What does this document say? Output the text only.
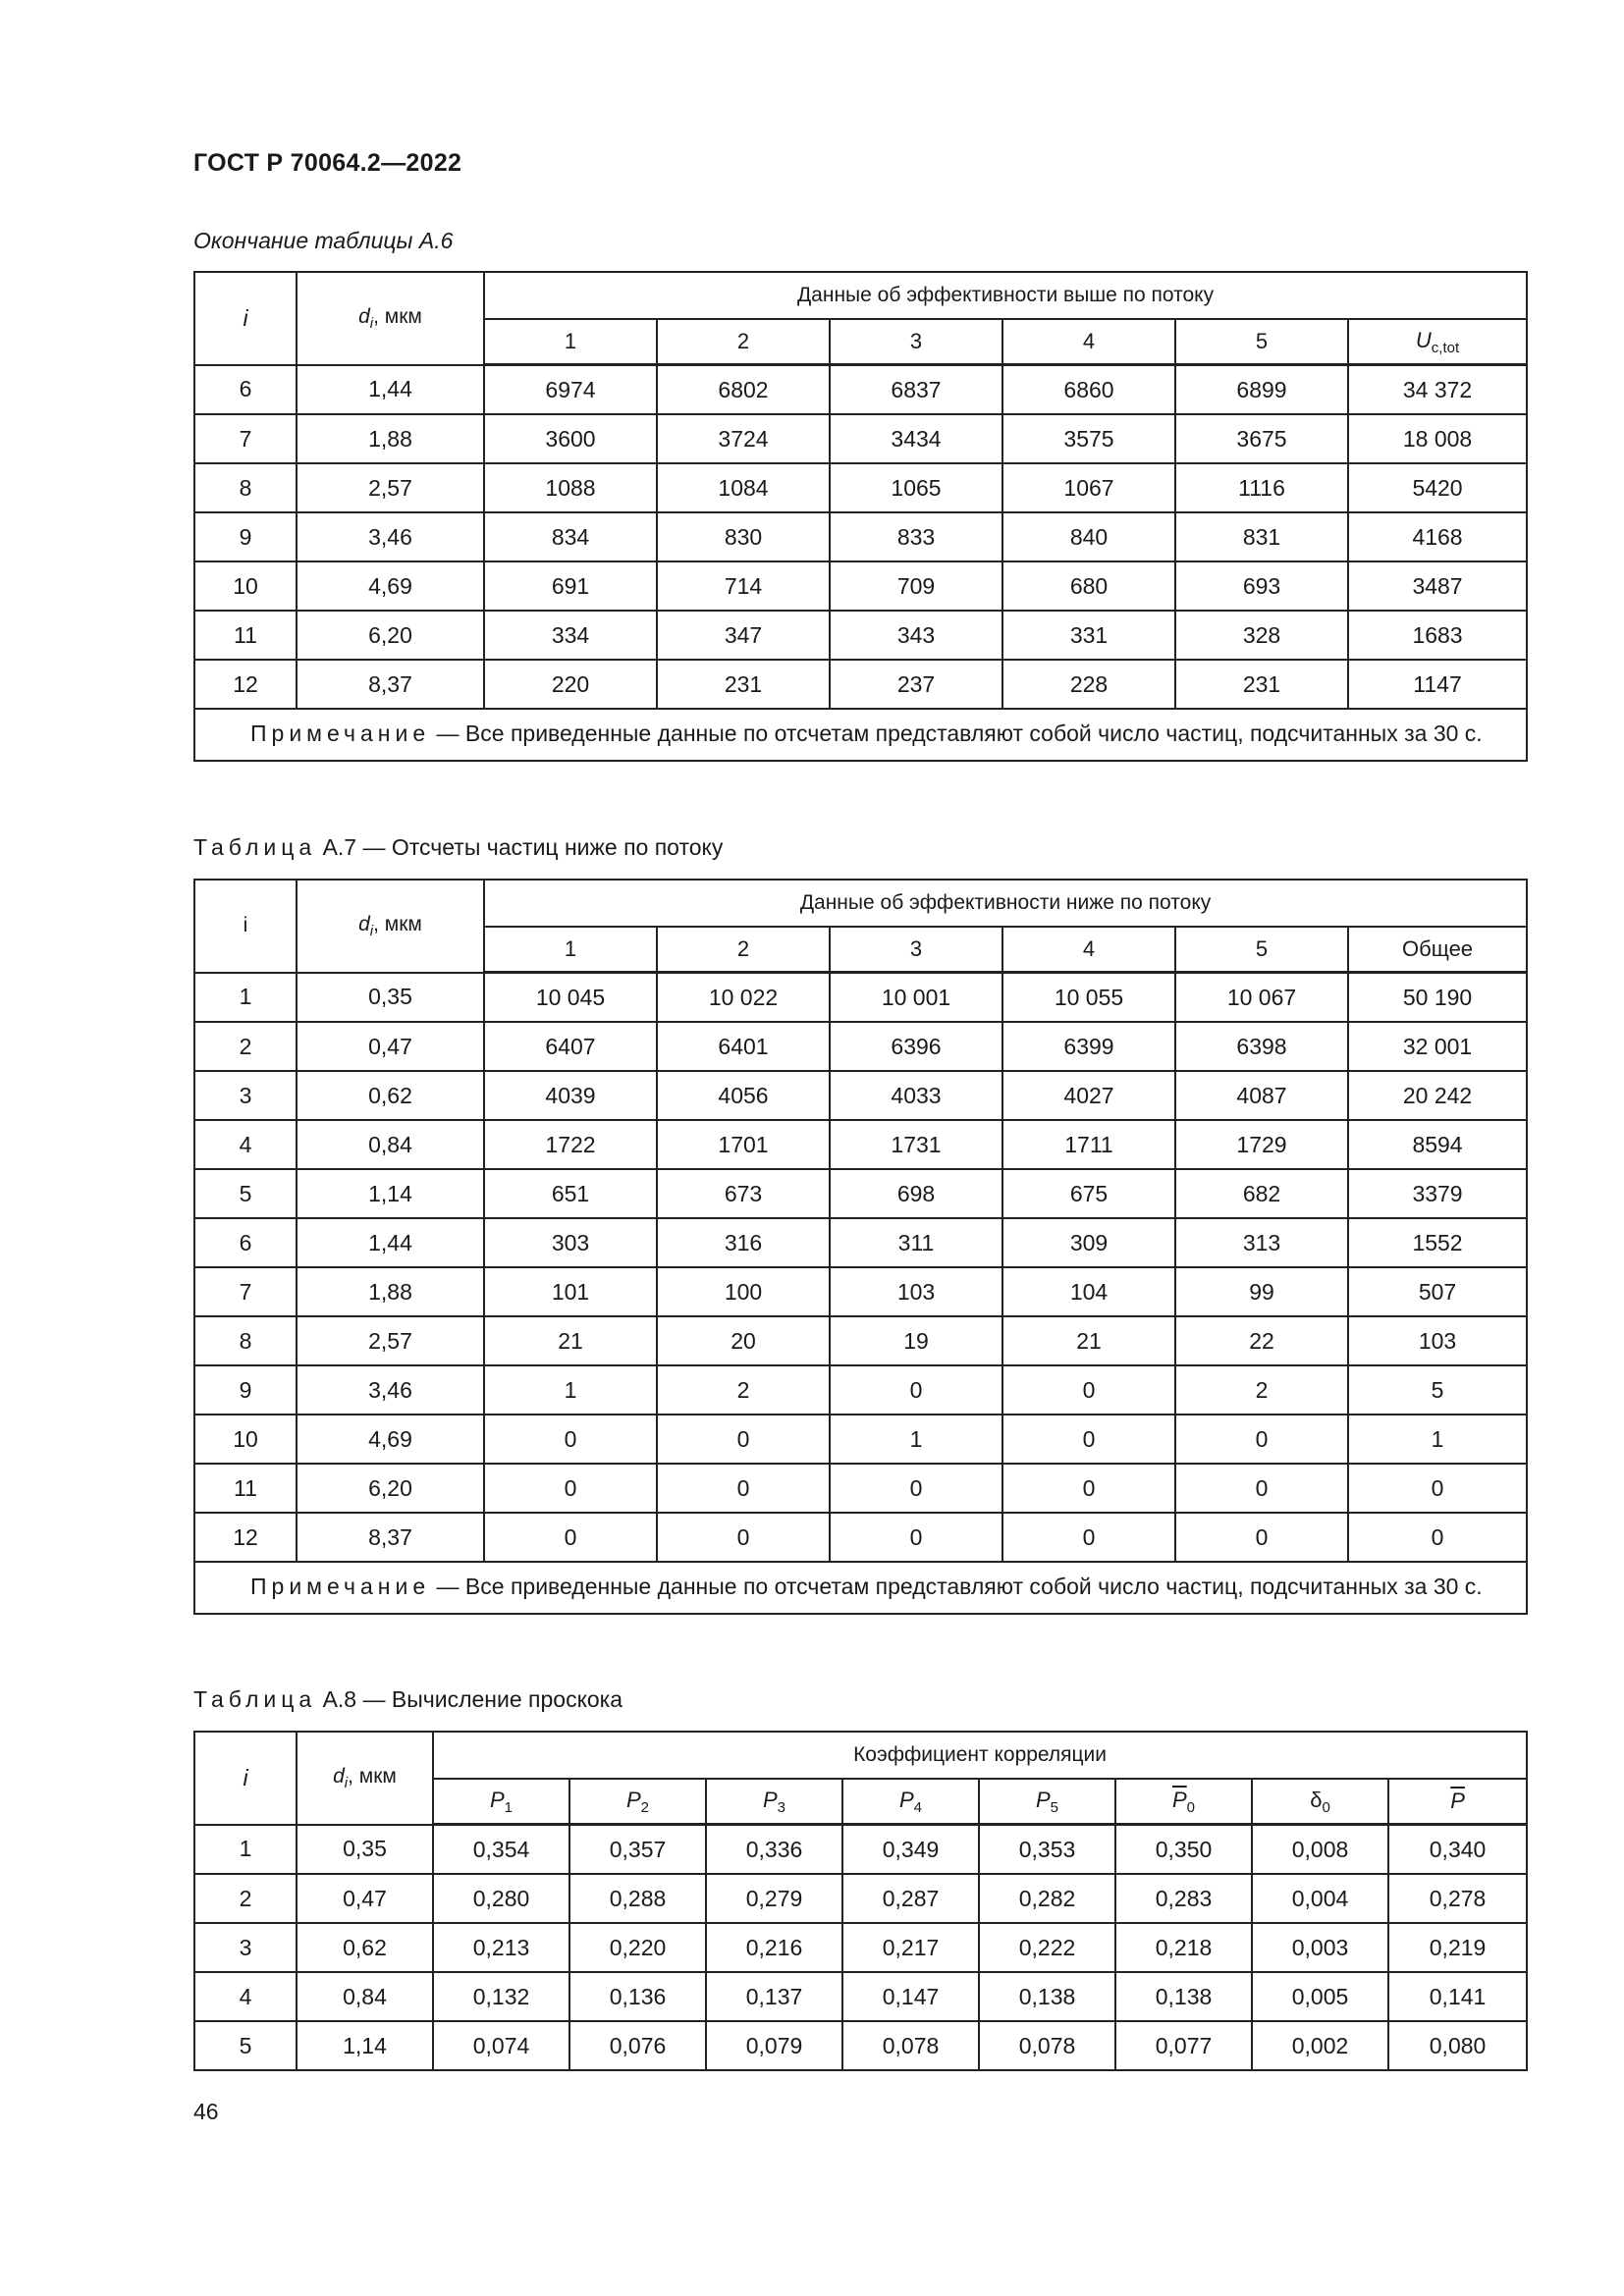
ГОСТ Р 70064.2—2022
Окончание таблицы А.6
i	$d_i$, мкм	Данные об эффективности выше по потоку					
		1	2	3	4	5	$U_{c,tot}$
6	1,44	6974	6802	6837	6860	6899	34 372
7	1,88	3600	3724	3434	3575	3675	18 008
8	2,57	1088	1084	1065	1067	1116	5420
9	3,46	834	830	833	840	831	4168
10	4,69	691	714	709	680	693	3487
11	6,20	334	347	343	331	328	1683
12	8,37	220	231	237	228	231	1147
Примечание — Все приведенные данные по отсчетам представляют собой число частиц, подсчитанных за 30 с.							
Таблица А.7 — Отсчеты частиц ниже по потоку
i	$d_i$, мкм	Данные об эффективности ниже по потоку					
		1	2	3	4	5	Общее
1	0,35	10 045	10 022	10 001	10 055	10 067	50 190
2	0,47	6407	6401	6396	6399	6398	32 001
3	0,62	4039	4056	4033	4027	4087	20 242
4	0,84	1722	1701	1731	1711	1729	8594
5	1,14	651	673	698	675	682	3379
6	1,44	303	316	311	309	313	1552
7	1,88	101	100	103	104	99	507
8	2,57	21	20	19	21	22	103
9	3,46	1	2	0	0	2	5
10	4,69	0	0	1	0	0	1
11	6,20	0	0	0	0	0	0
12	8,37	0	0	0	0	0	0
Примечание — Все приведенные данные по отсчетам представляют собой число частиц, подсчитанных за 30 с.							
Таблица А.8 — Вычисление проскока
i	$d_i$, мкм	Коэффициент корреляции							
		$P_1$	$P_2$	$P_3$	$P_4$	$P_5$	$\overline{P}_0$	$\delta_0$	$\overline{P}$
1	0,35	0,354	0,357	0,336	0,349	0,353	0,350	0,008	0,340
2	0,47	0,280	0,288	0,279	0,287	0,282	0,283	0,004	0,278
3	0,62	0,213	0,220	0,216	0,217	0,222	0,218	0,003	0,219
4	0,84	0,132	0,136	0,137	0,147	0,138	0,138	0,005	0,141
5	1,14	0,074	0,076	0,079	0,078	0,078	0,077	0,002	0,080
46
